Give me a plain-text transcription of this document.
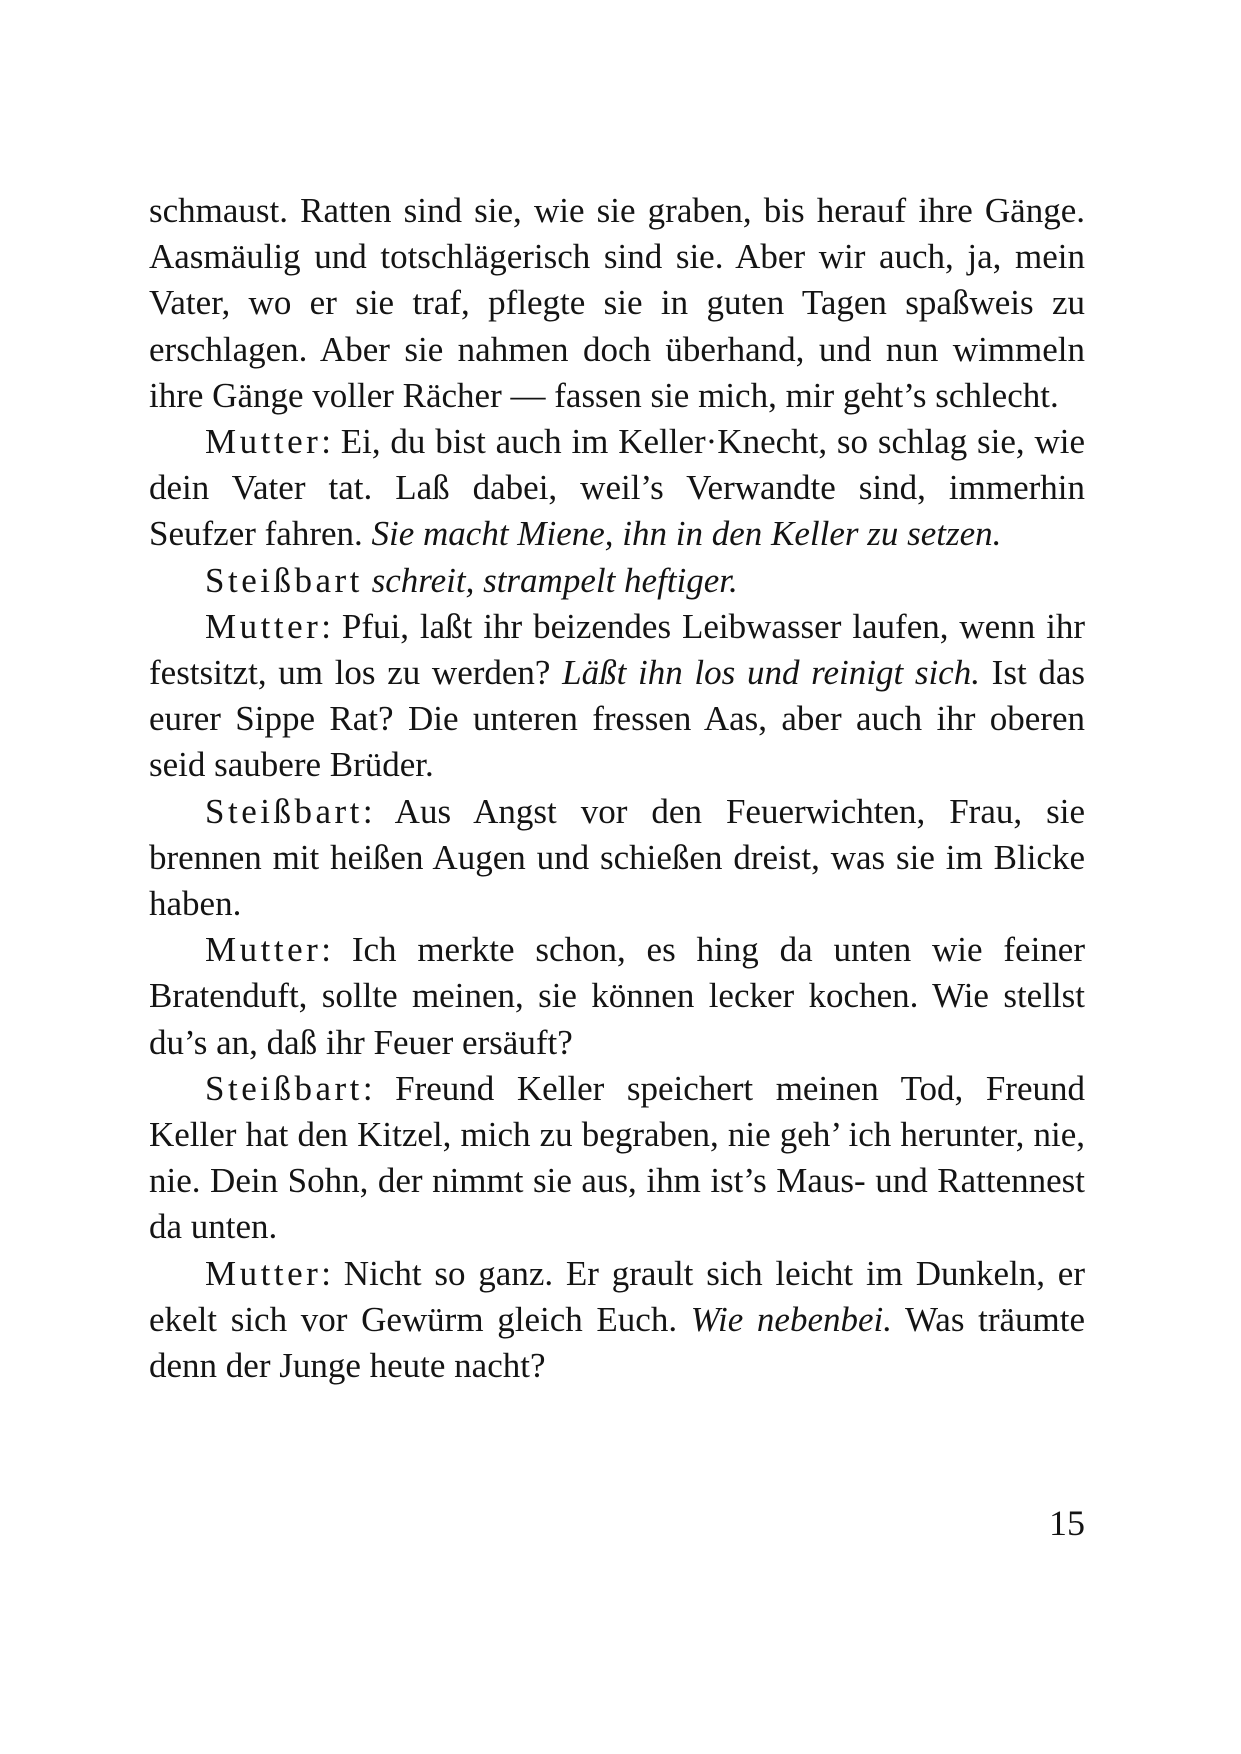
schmaust. Ratten sind sie, wie sie graben, bis herauf ihre Gänge. Aasmäulig und totschlägerisch sind sie. Aber wir auch, ja, mein Vater, wo er sie traf, pflegte sie in guten Tagen spaßweis zu erschlagen. Aber sie nahmen doch überhand, und nun wimmeln ihre Gänge voller Rächer — fassen sie mich, mir geht’s schlecht.

Mutter: Ei, du bist auch im Keller·Knecht, so schlag sie, wie dein Vater tat. Laß dabei, weil’s Verwandte sind, immerhin Seufzer fahren. Sie macht Miene, ihn in den Keller zu setzen.

Steißbart schreit, strampelt heftiger.

Mutter: Pfui, laßt ihr beizendes Leibwasser laufen, wenn ihr festsitzt, um los zu werden? Läßt ihn los und reinigt sich. Ist das eurer Sippe Rat? Die unteren fressen Aas, aber auch ihr oberen seid saubere Brüder.

Steißbart: Aus Angst vor den Feuerwichten, Frau, sie brennen mit heißen Augen und schießen dreist, was sie im Blicke haben.

Mutter: Ich merkte schon, es hing da unten wie feiner Bratenduft, sollte meinen, sie können lecker kochen. Wie stellst du’s an, daß ihr Feuer ersäuft?

Steißbart: Freund Keller speichert meinen Tod, Freund Keller hat den Kitzel, mich zu begraben, nie geh’ ich herunter, nie, nie. Dein Sohn, der nimmt sie aus, ihm ist’s Maus- und Rattennest da unten.

Mutter: Nicht so ganz. Er grault sich leicht im Dunkeln, er ekelt sich vor Gewürm gleich Euch. Wie nebenbei. Was träumte denn der Junge heute nacht?

15
